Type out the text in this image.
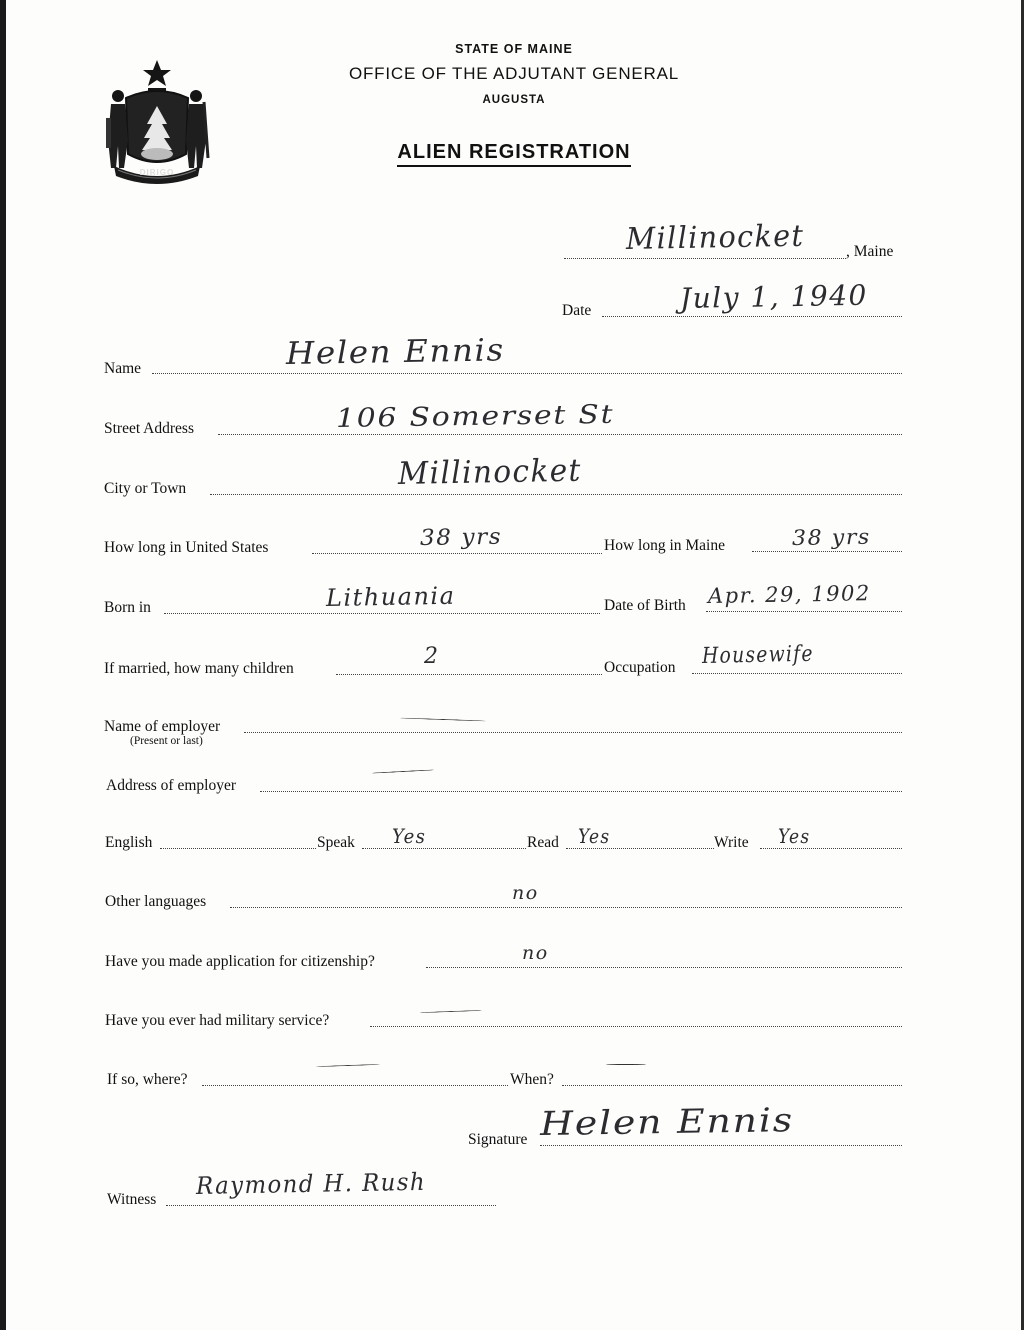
DIRIGO
STATE OF MAINE
OFFICE OF THE ADJUTANT GENERAL
AUGUSTA
ALIEN REGISTRATION
, Maine
Millinocket
Date	July 1, 1940
Name	Helen Ennis
Street Address	106 Somerset St
City or Town	Millinocket
How long in United States	38 yrs	How long in Maine	38 yrs
Born in	Lithuania	Date of Birth Apr. 29, 1902
If married, how many children	2	Occupation Housewife
Name of employer
(Present or last)
Address of employer
English	Speak Yes	Read Yes	Write Yes
Other languages	no
Have you made application for citizenship?	no
Have you ever had military service?
If so, where?	When?
Signature Helen Ennis
Witness Raymond H. Rush
